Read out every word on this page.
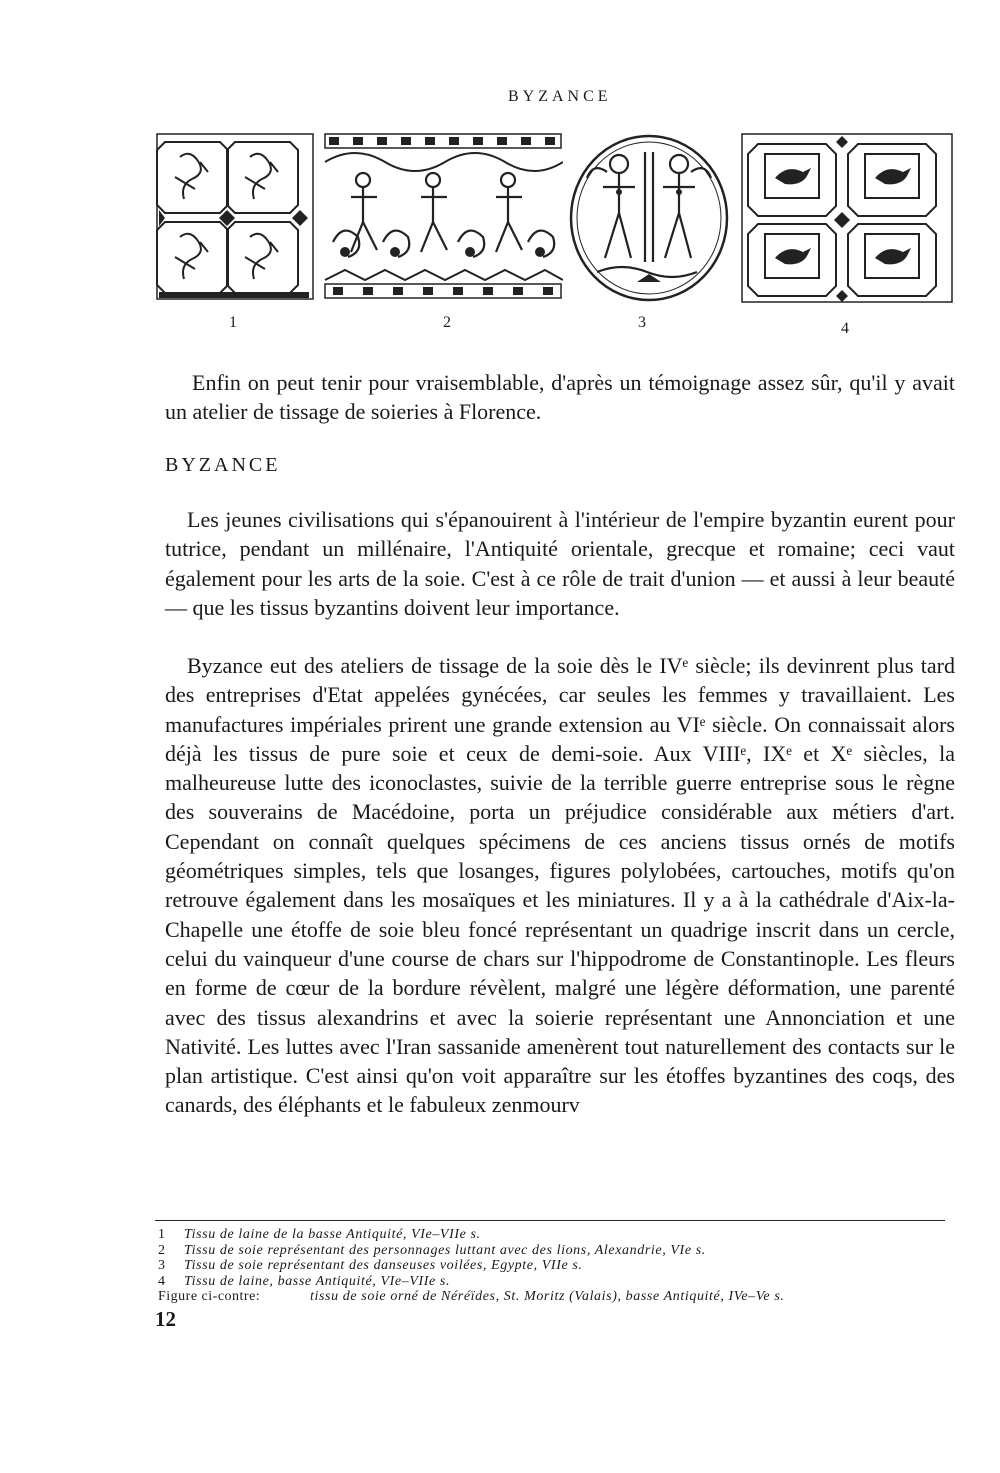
BYZANCE
1	2	3	4
Enfin on peut tenir pour vraisemblable, d'après un témoignage assez sûr, qu'il y avait un atelier de tissage de soieries à Florence.
BYZANCE

Les jeunes civilisations qui s'épanouirent à l'intérieur de l'empire byzantin eurent pour tutrice, pendant un millénaire, l'Antiquité orientale, grecque et romaine; ceci vaut également pour les arts de la soie. C'est à ce rôle de trait d'union — et aussi à leur beauté — que les tissus byzantins doivent leur importance.

Byzance eut des ateliers de tissage de la soie dès le IVᵉ siècle; ils devinrent plus tard des entreprises d'Etat appelées gynécées, car seules les femmes y travaillaient. Les manufactures impériales prirent une grande extension au VIᵉ siècle. On connaissait alors déjà les tissus de pure soie et ceux de demi-soie. Aux VIIIᵉ, IXᵉ et Xᵉ siècles, la malheureuse lutte des iconoclastes, suivie de la terrible guerre entreprise sous le règne des souverains de Macédoine, porta un préjudice considérable aux métiers d'art. Cependant on connaît quelques spécimens de ces anciens tissus ornés de motifs géométriques simples, tels que losanges, figures polylobées, cartouches, motifs qu'on retrouve également dans les mosaïques et les miniatures. Il y a à la cathédrale d'Aix-la-Chapelle une étoffe de soie bleu foncé représentant un quadrige inscrit dans un cercle, celui du vainqueur d'une course de chars sur l'hippodrome de Constantinople. Les fleurs en forme de cœur de la bordure révèlent, malgré une légère déformation, une parenté avec des tissus alexandrins et avec la soierie représentant une Annonciation et une Nativité. Les luttes avec l'Iran sassanide amenèrent tout naturellement des contacts sur le plan artistique. C'est ainsi qu'on voit apparaître sur les étoffes byzantines des coqs, des canards, des éléphants et le fabuleux zenmourv

1	Tissu de laine de la basse Antiquité, VIe–VIIe s.
2	Tissu de soie représentant des personnages luttant avec des lions, Alexandrie, VIe s.
3	Tissu de soie représentant des danseuses voilées, Egypte, VIIe s.
4	Tissu de laine, basse Antiquité, VIe–VIIe s.
Figure ci-contre:	tissu de soie orné de Néréïdes, St. Moritz (Valais), basse Antiquité, IVe–Ve s.
12
